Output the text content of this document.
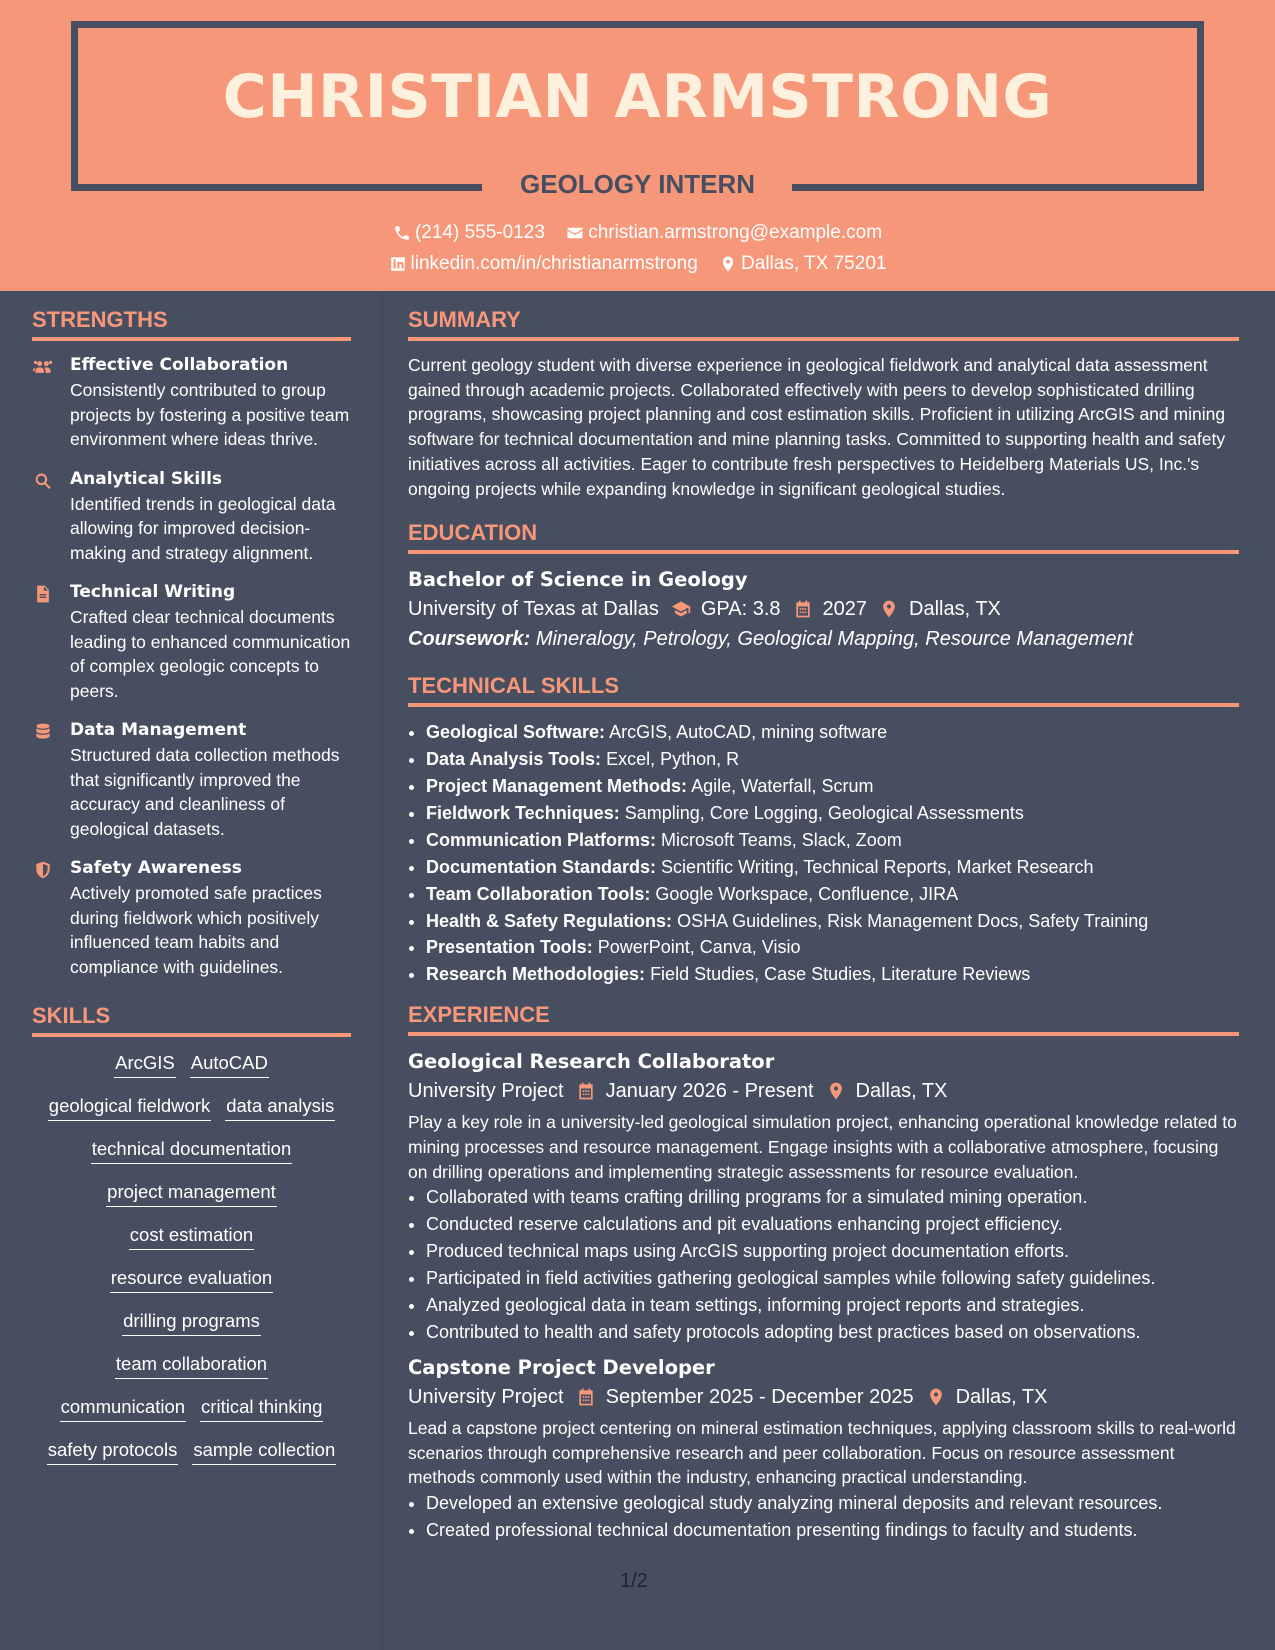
CHRISTIAN ARMSTRONG
GEOLOGY INTERN
(214) 555-0123
christian.armstrong@example.com
linkedin.com/in/christianarmstrong
Dallas, TX 75201
STRENGTHS
Effective Collaboration
Consistently contributed to group projects by fostering a positive team environment where ideas thrive.
Analytical Skills
Identified trends in geological data allowing for improved decision-making and strategy alignment.
Technical Writing
Crafted clear technical documents leading to enhanced communication of complex geologic concepts to peers.
Data Management
Structured data collection methods that significantly improved the accuracy and cleanliness of geological datasets.
Safety Awareness
Actively promoted safe practices during fieldwork which positively influenced team habits and compliance with guidelines.
SKILLS
ArcGIS AutoCAD
geological fieldwork data analysis
technical documentation
project management
cost estimation
resource evaluation
drilling programs
team collaboration
communication critical thinking
safety protocols sample collection
SUMMARY
Current geology student with diverse experience in geological fieldwork and analytical data assessment gained through academic projects. Collaborated effectively with peers to develop sophisticated drilling programs, showcasing project planning and cost estimation skills. Proficient in utilizing ArcGIS and mining software for technical documentation and mine planning tasks. Committed to supporting health and safety initiatives across all activities. Eager to contribute fresh perspectives to Heidelberg Materials US, Inc.'s ongoing projects while expanding knowledge in significant geological studies.
EDUCATION
Bachelor of Science in Geology
University of Texas at Dallas GPA: 3.8 2027 Dallas, TX
Coursework: Mineralogy, Petrology, Geological Mapping, Resource Management
TECHNICAL SKILLS
• Geological Software: ArcGIS, AutoCAD, mining software
• Data Analysis Tools: Excel, Python, R
• Project Management Methods: Agile, Waterfall, Scrum
• Fieldwork Techniques: Sampling, Core Logging, Geological Assessments
• Communication Platforms: Microsoft Teams, Slack, Zoom
• Documentation Standards: Scientific Writing, Technical Reports, Market Research
• Team Collaboration Tools: Google Workspace, Confluence, JIRA
• Health & Safety Regulations: OSHA Guidelines, Risk Management Docs, Safety Training
• Presentation Tools: PowerPoint, Canva, Visio
• Research Methodologies: Field Studies, Case Studies, Literature Reviews
EXPERIENCE
Geological Research Collaborator
University Project January 2026 - Present Dallas, TX
Play a key role in a university-led geological simulation project, enhancing operational knowledge related to mining processes and resource management. Engage insights with a collaborative atmosphere, focusing on drilling operations and implementing strategic assessments for resource evaluation.
• Collaborated with teams crafting drilling programs for a simulated mining operation.
• Conducted reserve calculations and pit evaluations enhancing project efficiency.
• Produced technical maps using ArcGIS supporting project documentation efforts.
• Participated in field activities gathering geological samples while following safety guidelines.
• Analyzed geological data in team settings, informing project reports and strategies.
• Contributed to health and safety protocols adopting best practices based on observations.
Capstone Project Developer
University Project September 2025 - December 2025 Dallas, TX
Lead a capstone project centering on mineral estimation techniques, applying classroom skills to real-world scenarios through comprehensive research and peer collaboration. Focus on resource assessment methods commonly used within the industry, enhancing practical understanding.
• Developed an extensive geological study analyzing mineral deposits and relevant resources.
• Created professional technical documentation presenting findings to faculty and students.
1/2
